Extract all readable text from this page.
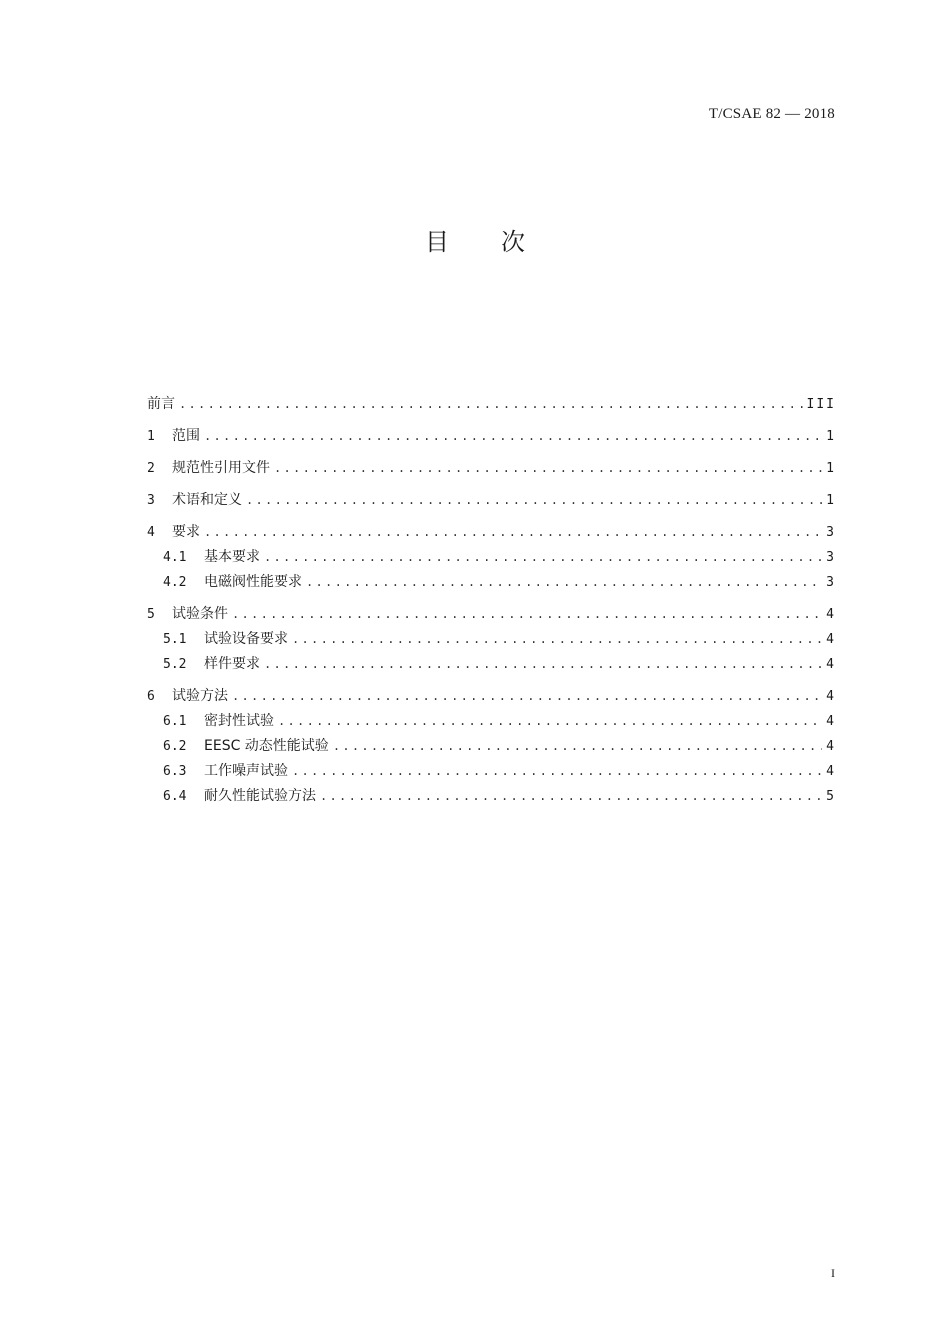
T/CSAE 82 — 2018
目 次
前言 .....	III
1	范围 .....	1
2	规范性引用文件 .....	1
3	术语和定义 .....	1
4	要求 .....	3
4.1	基本要求 .....	3
4.2	电磁阀性能要求 .....	3
5	试验条件 .....	4
5.1	试验设备要求 .....	4
5.2	样件要求 .....	4
6	试验方法 .....	4
6.1	密封性试验 .....	4
6.2	EESC 动态性能试验 .....	4
6.3	工作噪声试验 .....	4
6.4	耐久性能试验方法 .....	5
I
